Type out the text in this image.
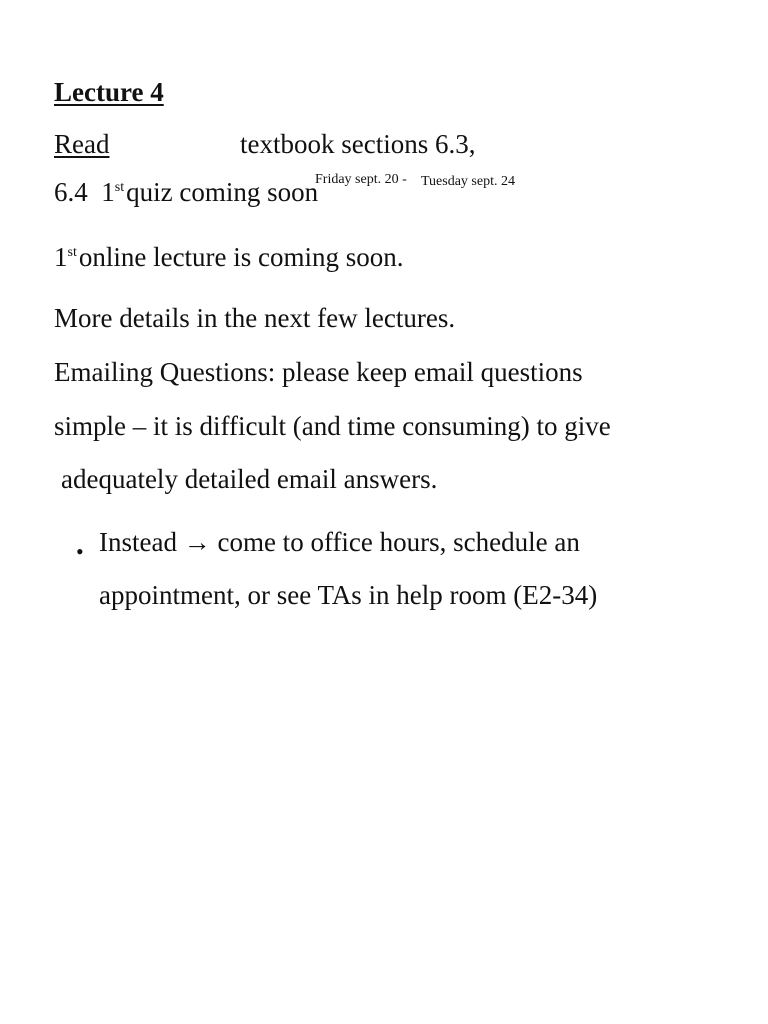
Lecture 4
Read	textbook sections 6.3,
6.4 1stquiz coming soon
Friday sept. 20 - Tuesday sept. 24
1stonline lecture is coming soon.
More details in the next few lectures.
Emailing Questions: please keep email questions
simple – it is difficult (and time consuming) to give
adequately detailed email answers.
• Instead → come to office hours, schedule an
appointment, or see TAs in help room (E2-34)
